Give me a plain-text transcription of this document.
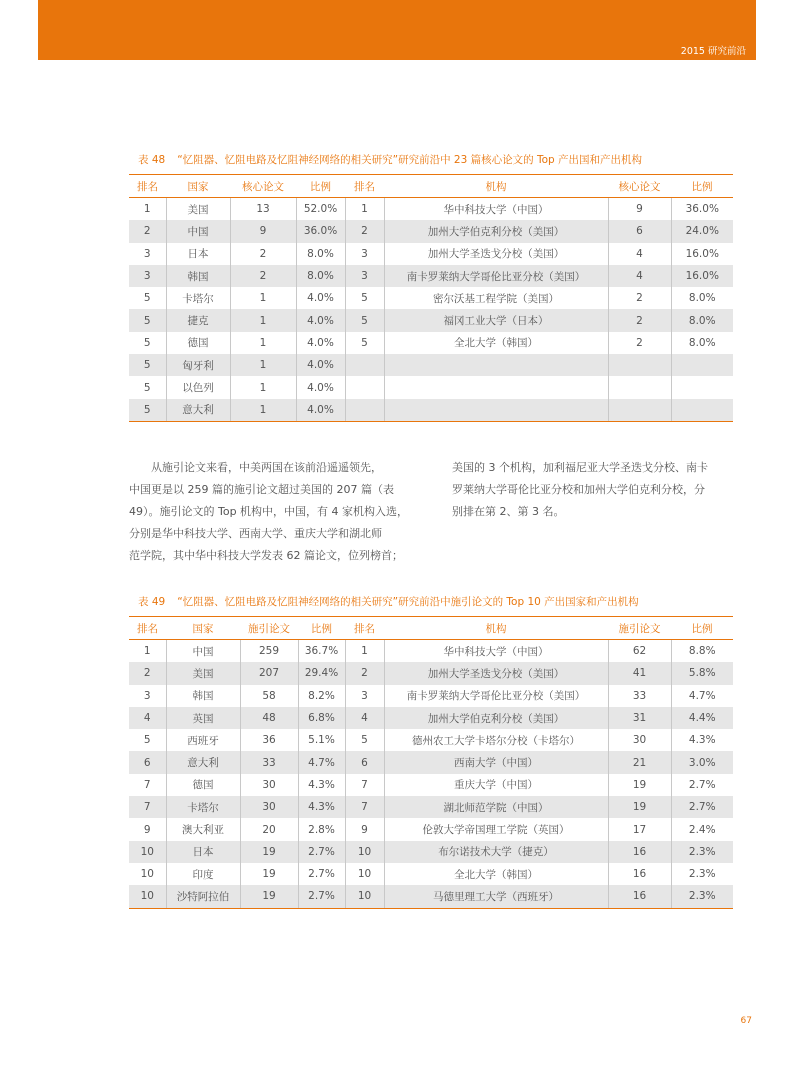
2015 研究前沿
表 48 “忆阻器、忆阻电路及忆阻神经网络的相关研究”研究前沿中 23 篇核心论文的 Top 产出国和产出机构
排名	国家	核心论文	比例	排名	机构	核心论文	比例
1	美国	13	52.0%	1	华中科技大学（中国）	9	36.0%
2	中国	9	36.0%	2	加州大学伯克利分校（美国）	6	24.0%
3	日本	2	8.0%	3	加州大学圣迭戈分校（美国）	4	16.0%
3	韩国	2	8.0%	3	南卡罗莱纳大学哥伦比亚分校（美国）	4	16.0%
5	卡塔尔	1	4.0%	5	密尔沃基工程学院（美国）	2	8.0%
5	捷克	1	4.0%	5	福冈工业大学（日本）	2	8.0%
5	德国	1	4.0%	5	全北大学（韩国）	2	8.0%
5	匈牙利	1	4.0%				
5	以色列	1	4.0%				
5	意大利	1	4.0%				
从施引论文来看，中美两国在该前沿遥遥领先，
中国更是以 259 篇的施引论文超过美国的 207 篇（表
49）。施引论文的 Top 机构中，中国，有 4 家机构入选，
分别是华中科技大学、西南大学、重庆大学和湖北师
范学院，其中华中科技大学发表 62 篇论文，位列榜首；
美国的 3 个机构，加利福尼亚大学圣迭戈分校、南卡
罗莱纳大学哥伦比亚分校和加州大学伯克利分校，分
别排在第 2、第 3 名。
表 49 “忆阻器、忆阻电路及忆阻神经网络的相关研究”研究前沿中施引论文的 Top 10 产出国家和产出机构
排名	国家	施引论文	比例	排名	机构	施引论文	比例
1	中国	259	36.7%	1	华中科技大学（中国）	62	8.8%
2	美国	207	29.4%	2	加州大学圣迭戈分校（美国）	41	5.8%
3	韩国	58	8.2%	3	南卡罗莱纳大学哥伦比亚分校（美国）	33	4.7%
4	英国	48	6.8%	4	加州大学伯克利分校（美国）	31	4.4%
5	西班牙	36	5.1%	5	德州农工大学卡塔尔分校（卡塔尔）	30	4.3%
6	意大利	33	4.7%	6	西南大学（中国）	21	3.0%
7	德国	30	4.3%	7	重庆大学（中国）	19	2.7%
7	卡塔尔	30	4.3%	7	湖北师范学院（中国）	19	2.7%
9	澳大利亚	20	2.8%	9	伦敦大学帝国理工学院（英国）	17	2.4%
10	日本	19	2.7%	10	布尔诺技术大学（捷克）	16	2.3%
10	印度	19	2.7%	10	全北大学（韩国）	16	2.3%
10	沙特阿拉伯	19	2.7%	10	马德里理工大学（西班牙）	16	2.3%
67
